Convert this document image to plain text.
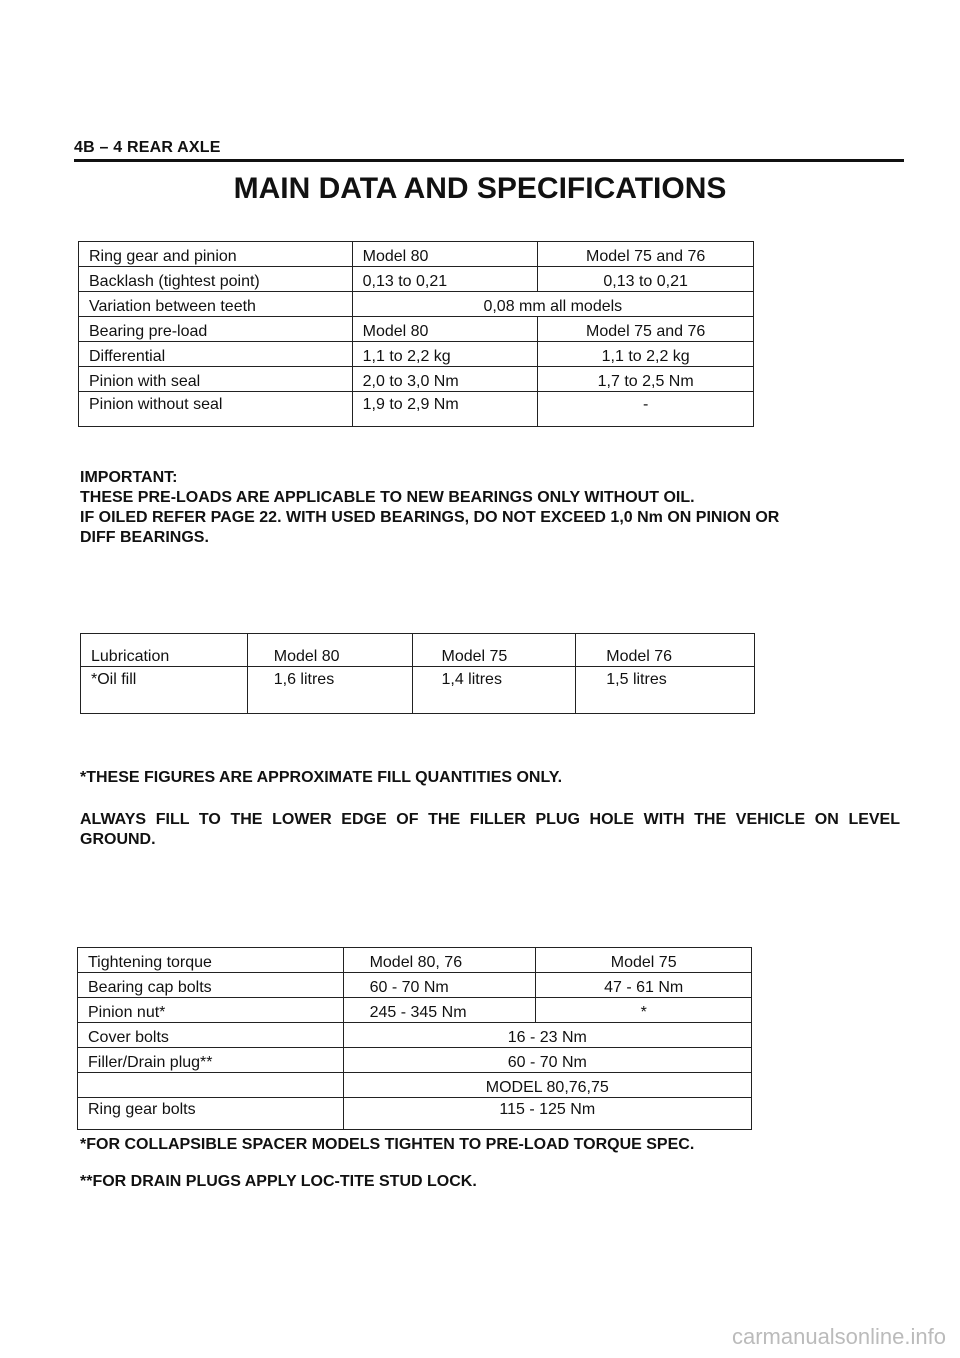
4B – 4 REAR AXLE
MAIN DATA AND SPECIFICATIONS
Ring gear and pinion	Model 80	Model 75 and 76
Backlash (tightest point)	0,13 to 0,21	0,13 to 0,21
Variation between teeth	0,08 mm all models	
Bearing pre-load	Model 80	Model 75 and 76
Differential	1,1 to 2,2 kg	1,1 to 2,2 kg
Pinion with seal	2,0 to 3,0 Nm	1,7 to 2,5 Nm
Pinion without seal	1,9 to 2,9 Nm	-
IMPORTANT:
THESE PRE-LOADS ARE APPLICABLE TO NEW BEARINGS ONLY WITHOUT OIL.
IF OILED REFER PAGE 22. WITH USED BEARINGS, DO NOT EXCEED 1,0 Nm ON PINION OR
DIFF BEARINGS.
Lubrication	Model 80	Model 75	Model 76
*Oil fill	1,6 litres	1,4 litres	1,5 litres
*THESE FIGURES ARE APPROXIMATE FILL QUANTITIES ONLY.
ALWAYS FILL TO THE LOWER EDGE OF THE FILLER PLUG HOLE WITH THE VEHICLE ON LEVEL
GROUND.
Tightening torque	Model 80, 76	Model 75
Bearing cap bolts	60 - 70 Nm	47 - 61 Nm
Pinion nut*	245 - 345 Nm	*
Cover bolts	16 - 23 Nm	
Filler/Drain plug**	60 - 70 Nm	
	MODEL 80,76,75	
Ring gear bolts	115 - 125 Nm	
*FOR COLLAPSIBLE SPACER MODELS TIGHTEN TO PRE-LOAD TORQUE SPEC.
**FOR DRAIN PLUGS APPLY LOC-TITE STUD LOCK.
carmanualsonline.info
